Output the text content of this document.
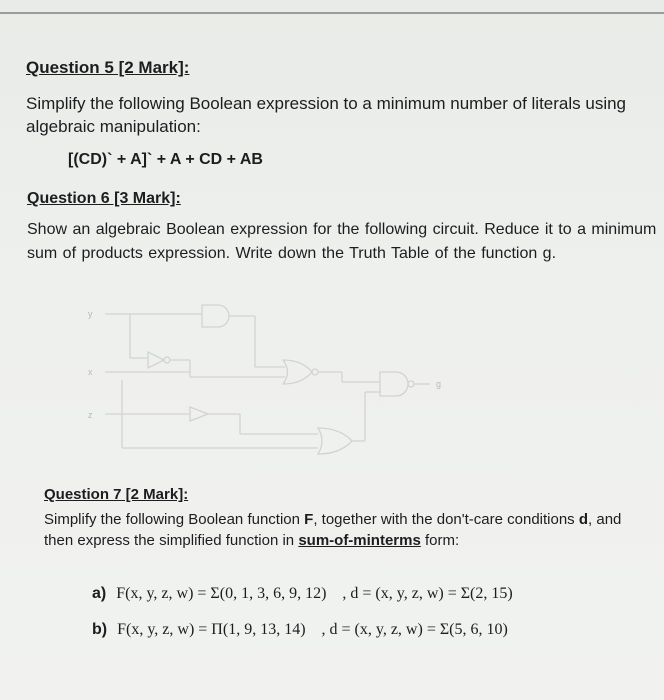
Question 5 [2 Mark]:

Simplify the following Boolean expression to a minimum number of literals using algebraic manipulation:

[(CD)` + A]` + A + CD + AB

Question 6 [3 Mark]:

Show an algebraic Boolean expression for the following circuit. Reduce it to a minimum sum of products expression. Write down the Truth Table of the function g.

y
x
z
g
Question 7 [2 Mark]:

Simplify the following Boolean function F, together with the don't-care conditions d, and then express the simplified function in sum-of-minterms form:

a) F(x, y, z, w) = Σ(0, 1, 3, 6, 9, 12) , d = (x, y, z, w) = Σ(2, 15)

b) F(x, y, z, w) = Π(1, 9, 13, 14) , d = (x, y, z, w) = Σ(5, 6, 10)
